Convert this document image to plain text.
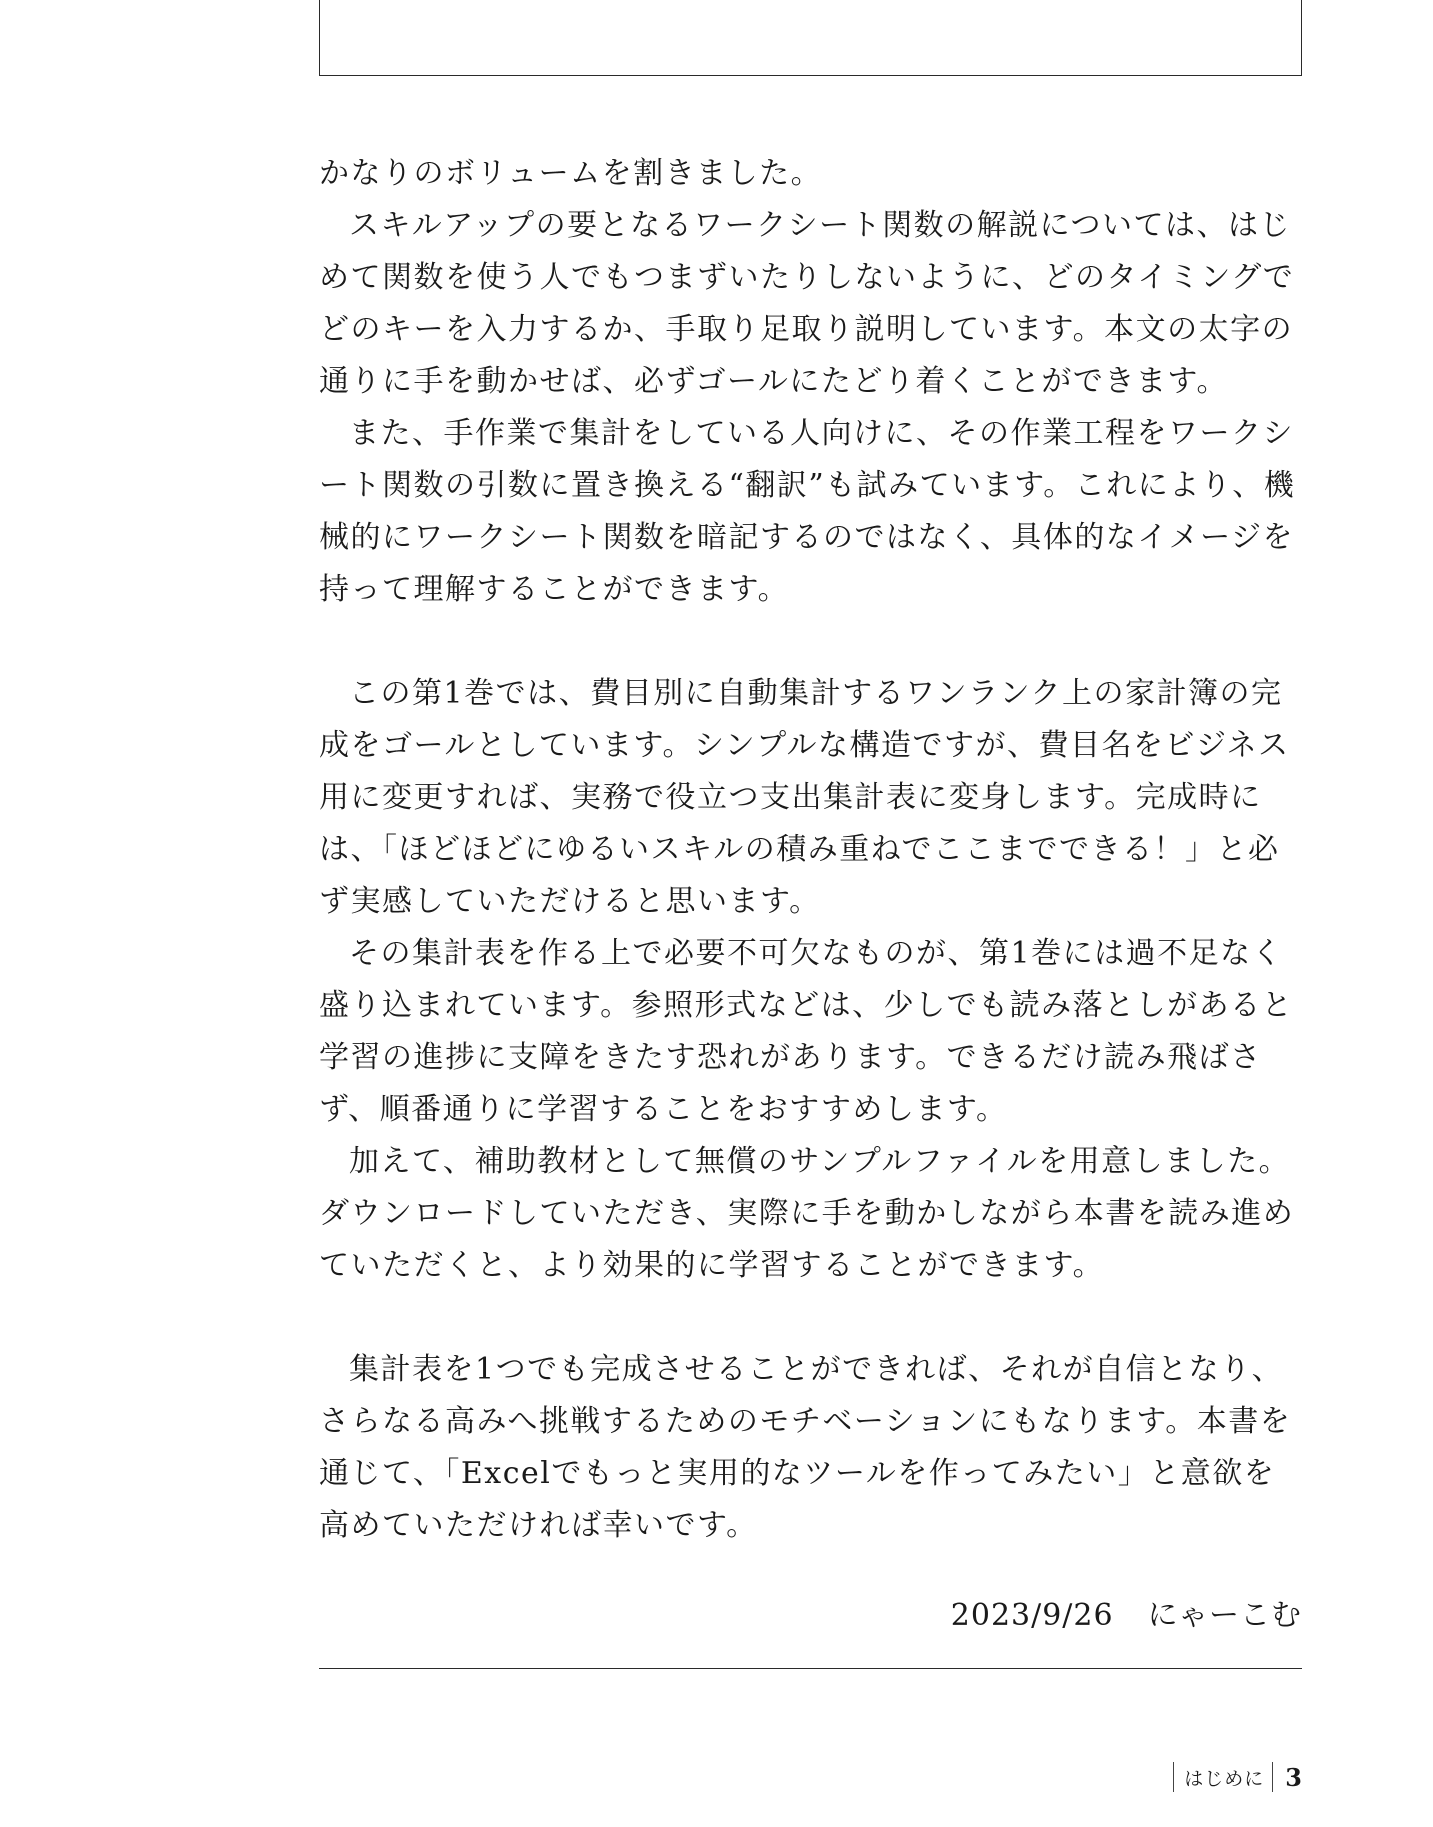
かなりのボリュームを割きました。

スキルアップの要となるワークシート関数の解説については、はじめて関数を使う人でもつまずいたりしないように、どのタイミングでどのキーを入力するか、手取り足取り説明しています。本文の太字の通りに手を動かせば、必ずゴールにたどり着くことができます。

また、手作業で集計をしている人向けに、その作業工程をワークシート関数の引数に置き換える“翻訳”も試みています。これにより、機械的にワークシート関数を暗記するのではなく、具体的なイメージを持って理解することができます。

この第1巻では、費目別に自動集計するワンランク上の家計簿の完成をゴールとしています。シンプルな構造ですが、費目名をビジネス用に変更すれば、実務で役立つ支出集計表に変身します。完成時には、「ほどほどにゆるいスキルの積み重ねでここまでできる！」と必ず実感していただけると思います。

その集計表を作る上で必要不可欠なものが、第1巻には過不足なく盛り込まれています。参照形式などは、少しでも読み落としがあると学習の進捗に支障をきたす恐れがあります。できるだけ読み飛ばさず、順番通りに学習することをおすすめします。

加えて、補助教材として無償のサンプルファイルを用意しました。ダウンロードしていただき、実際に手を動かしながら本書を読み進めていただくと、より効果的に学習することができます。

集計表を1つでも完成させることができれば、それが自信となり、さらなる高みへ挑戦するためのモチベーションにもなります。本書を通じて、「Excelでもっと実用的なツールを作ってみたい」と意欲を高めていただければ幸いです。

2023/9/26 にゃーこむ
はじめに 3
